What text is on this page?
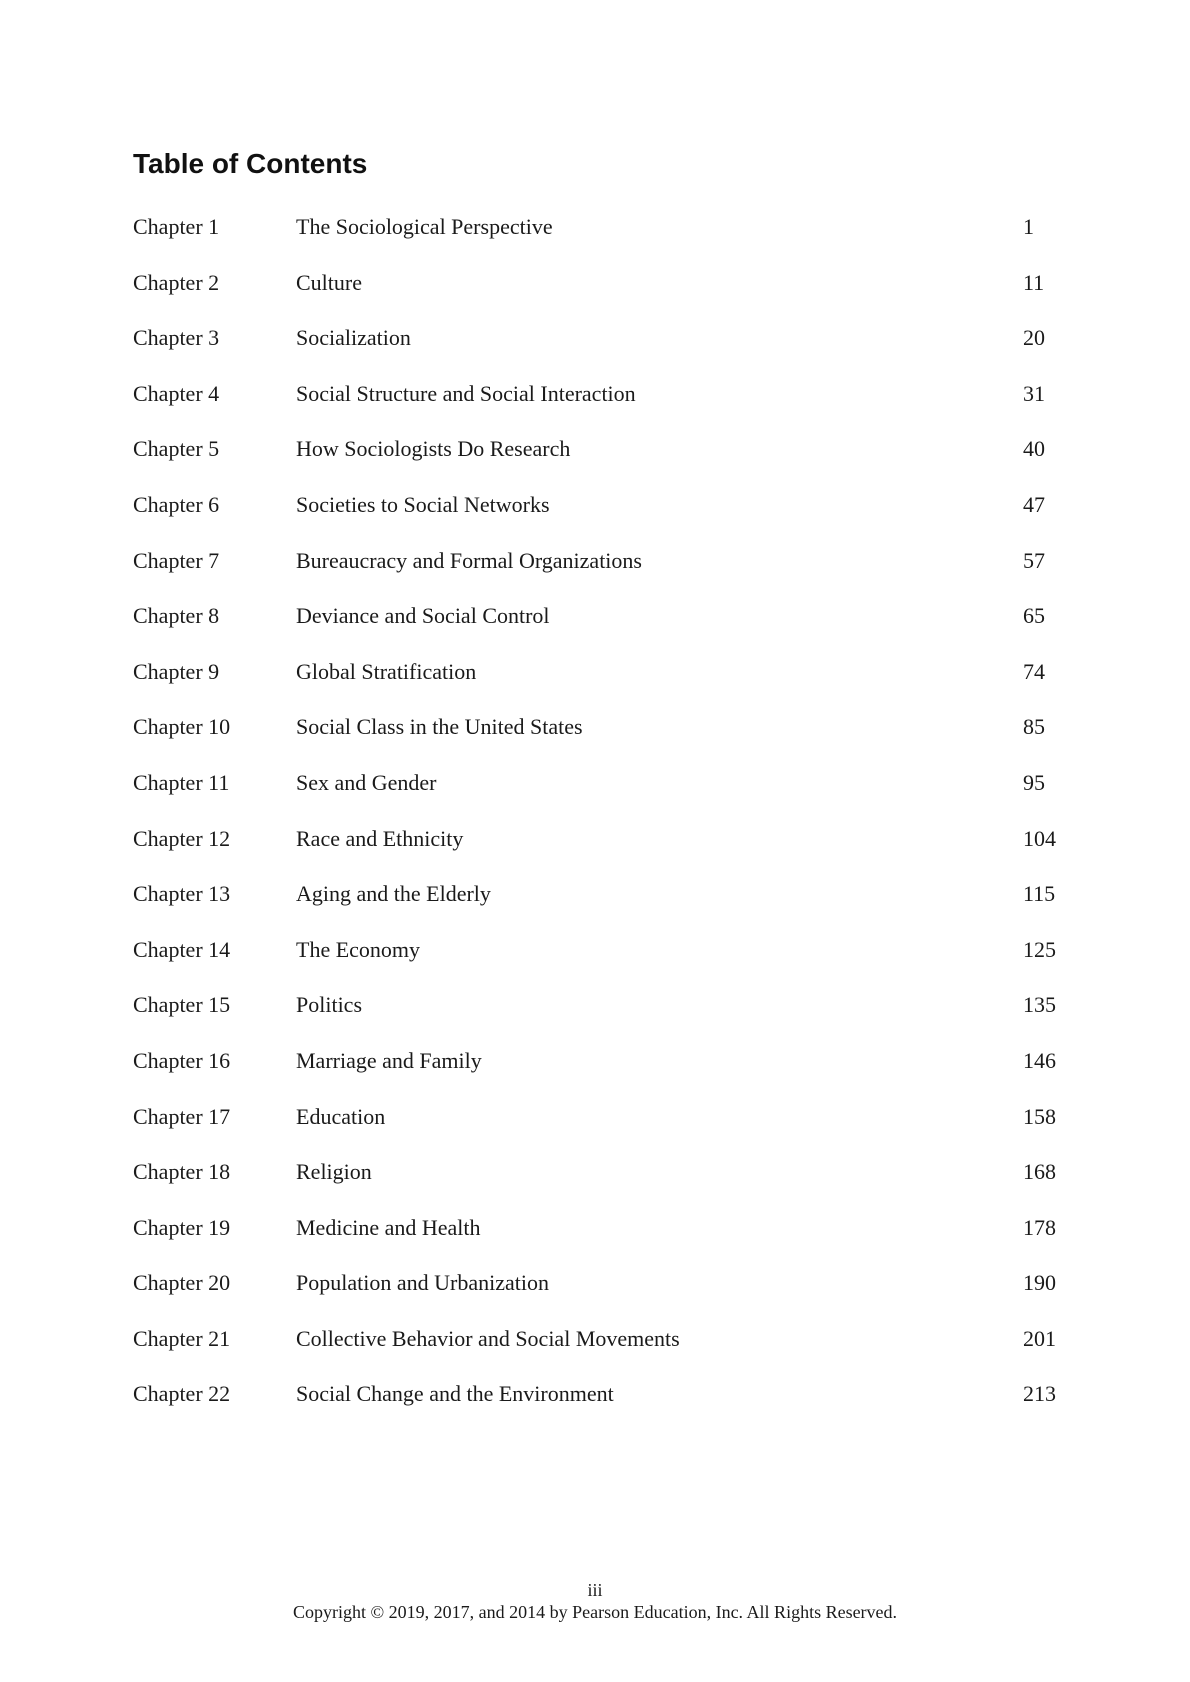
Table of Contents
Chapter 1	The Sociological Perspective	1
Chapter 2	Culture	11
Chapter 3	Socialization	20
Chapter 4	Social Structure and Social Interaction	31
Chapter 5	How Sociologists Do Research	40
Chapter 6	Societies to Social Networks	47
Chapter 7	Bureaucracy and Formal Organizations	57
Chapter 8	Deviance and Social Control	65
Chapter 9	Global Stratification	74
Chapter 10	Social Class in the United States	85
Chapter 11	Sex and Gender	95
Chapter 12	Race and Ethnicity	104
Chapter 13	Aging and the Elderly	115
Chapter 14	The Economy	125
Chapter 15	Politics	135
Chapter 16	Marriage and Family	146
Chapter 17	Education	158
Chapter 18	Religion	168
Chapter 19	Medicine and Health	178
Chapter 20	Population and Urbanization	190
Chapter 21	Collective Behavior and Social Movements	201
Chapter 22	Social Change and the Environment	213
iii
Copyright © 2019, 2017, and 2014 by Pearson Education, Inc. All Rights Reserved.
